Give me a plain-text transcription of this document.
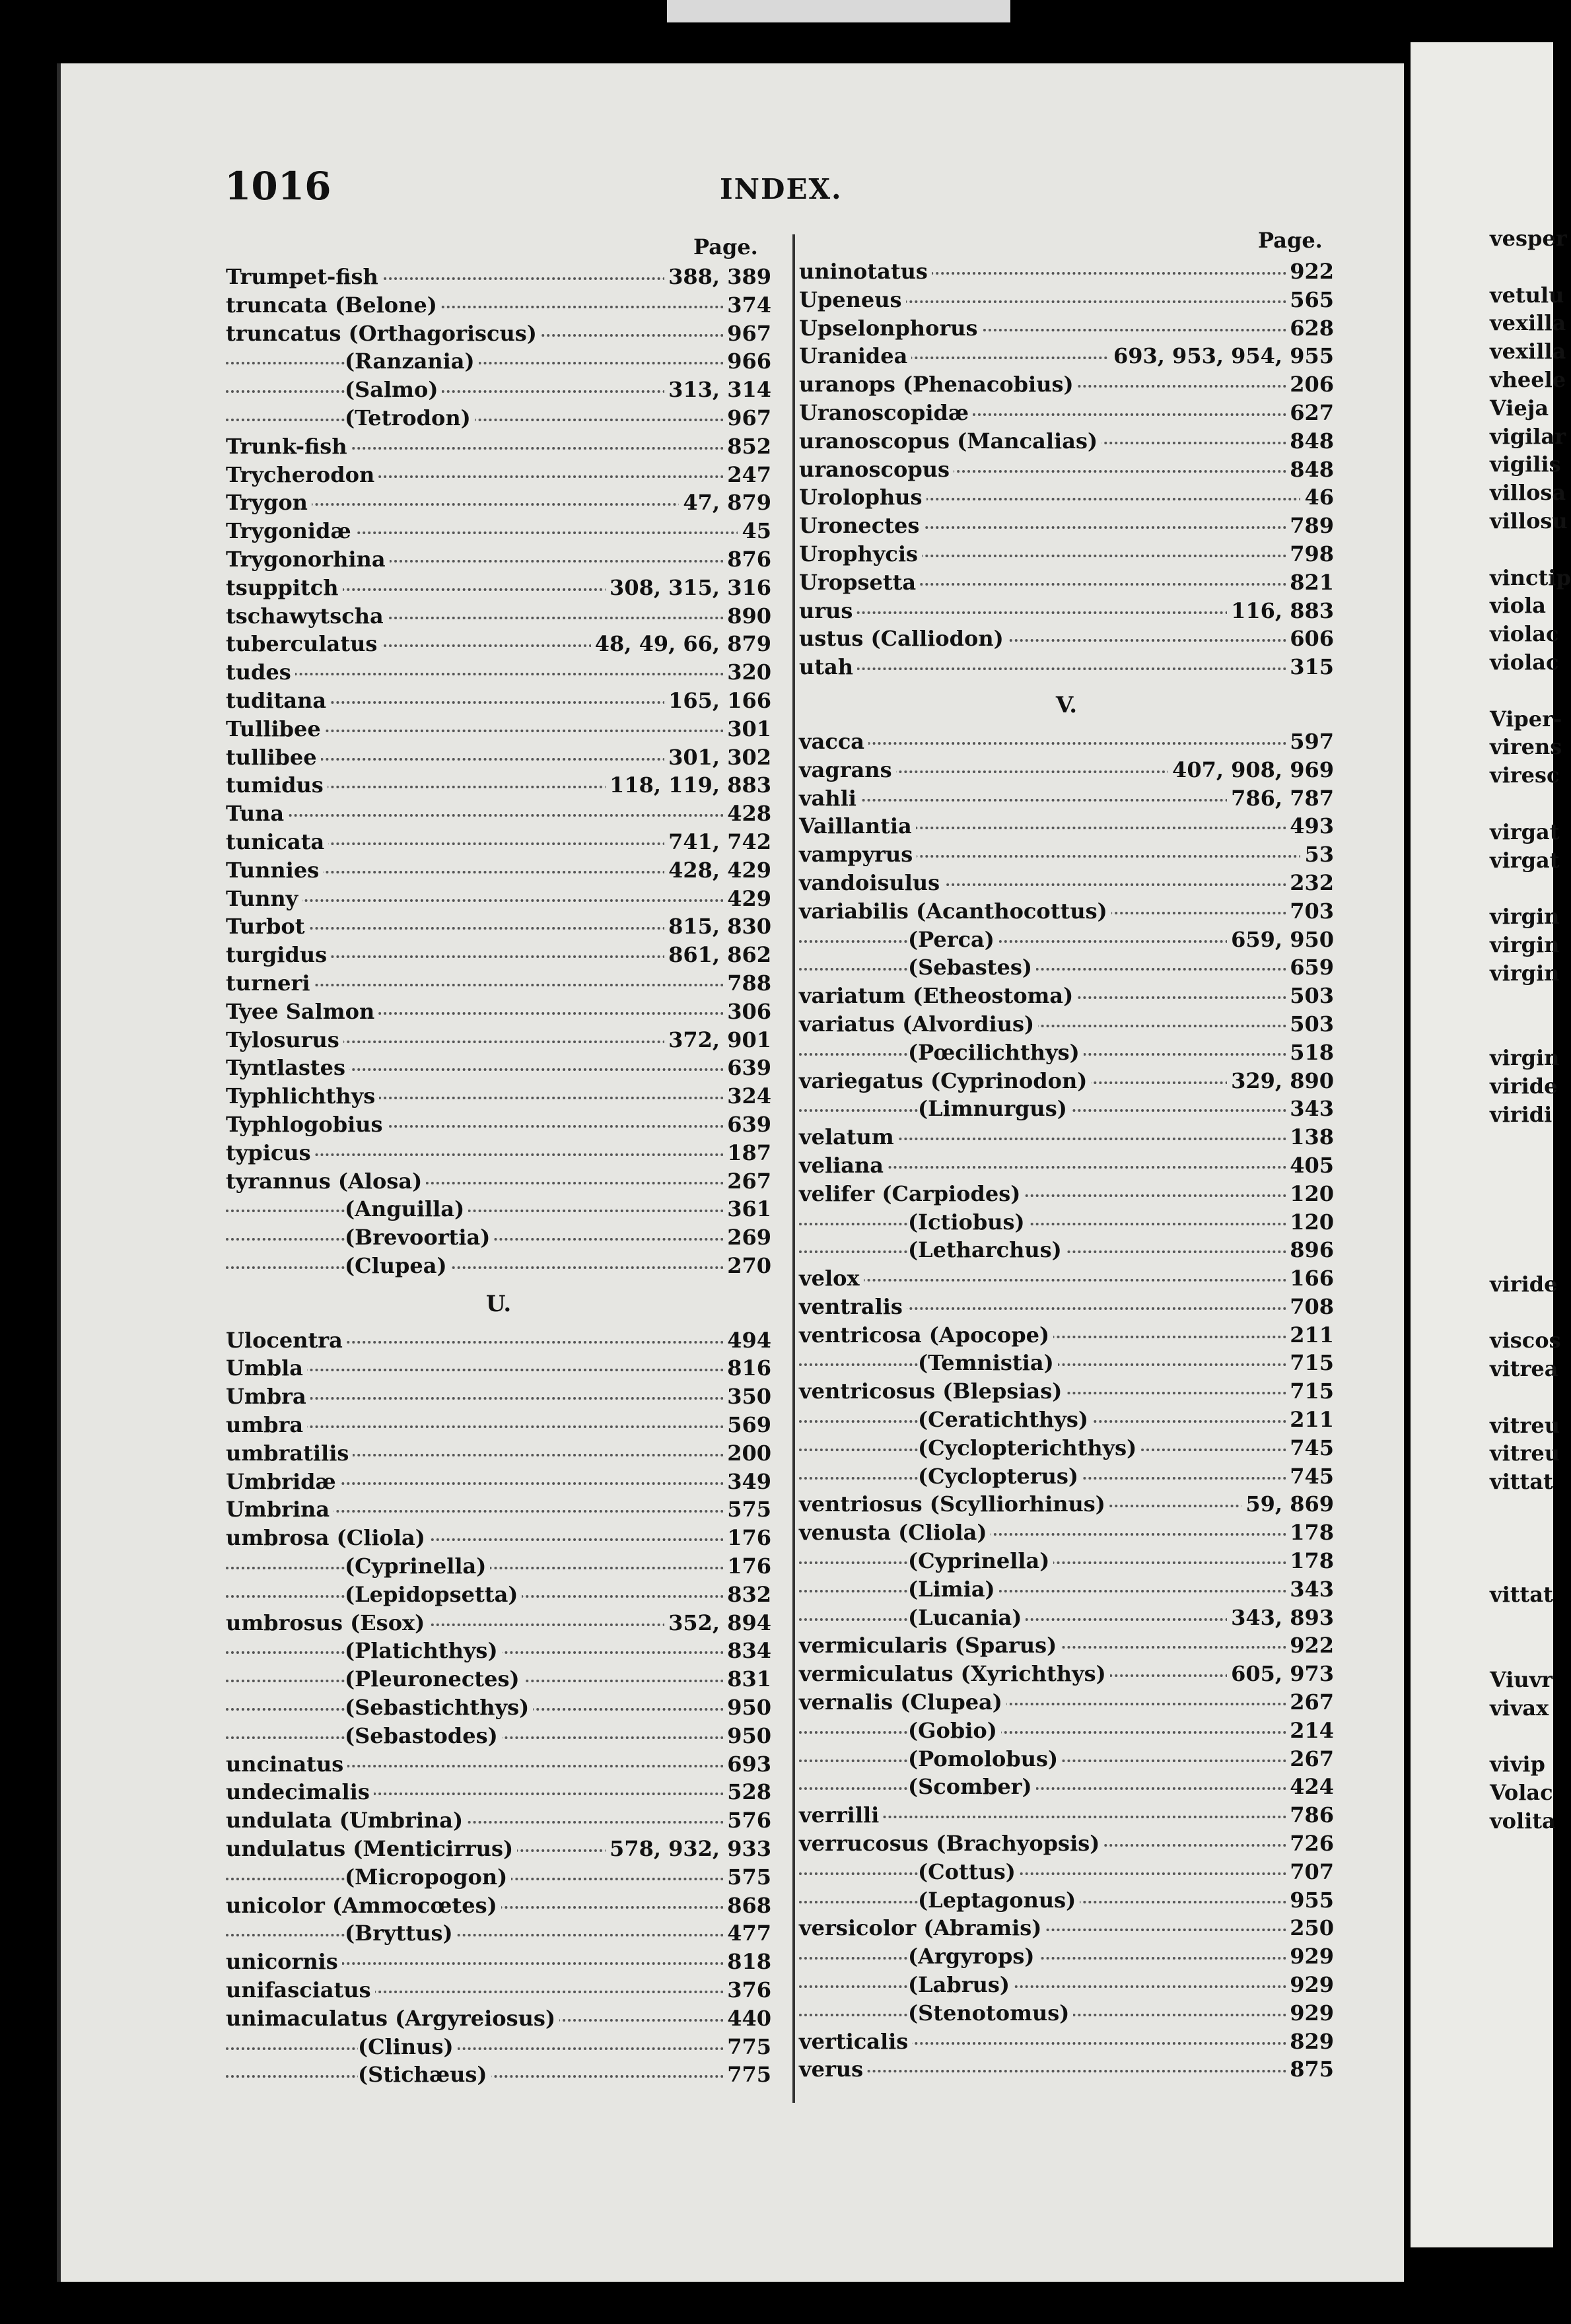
1016	INDEX.
Page.	Page.
Trumpet-fish	388, 389
truncata (Belone)	374
truncatus (Orthagoriscus)	967
(Ranzania)	966
(Salmo)	313, 314
(Tetrodon)	967
Trunk-fish	852
Trycherodon	247
Trygon	47, 879
Trygonidæ	45
Trygonorhina	876
tsuppitch	308, 315, 316
tschawytscha	890
tuberculatus	48, 49, 66, 879
tudes	320
tuditana	165, 166
Tullibee	301
tullibee	301, 302
tumidus	118, 119, 883
Tuna	428
tunicata	741, 742
Tunnies	428, 429
Tunny	429
Turbot	815, 830
turgidus	861, 862
turneri	788
Tyee Salmon	306
Tylosurus	372, 901
Tyntlastes	639
Typhlichthys	324
Typhlogobius	639
typicus	187
tyrannus (Alosa)	267
(Anguilla)	361
(Brevoortia)	269
(Clupea)	270
U.
Ulocentra	494
Umbla	816
Umbra	350
umbra	569
umbratilis	200
Umbridæ	349
Umbrina	575
umbrosa (Cliola)	176
(Cyprinella)	176
(Lepidopsetta)	832
umbrosus (Esox)	352, 894
(Platichthys)	834
(Pleuronectes)	831
(Sebastichthys)	950
(Sebastodes)	950
uncinatus	693
undecimalis	528
undulata (Umbrina)	576
undulatus (Menticirrus)	578, 932, 933
(Micropogon)	575
unicolor (Ammocœtes)	868
(Bryttus)	477
unicornis	818
unifasciatus	376
unimaculatus (Argyreiosus)	440
(Clinus)	775
(Stichæus)	775
uninotatus	922
Upeneus	565
Upselonphorus	628
Uranidea	693, 953, 954, 955
uranops (Phenacobius)	206
Uranoscopidæ	627
uranoscopus (Mancalias)	848
uranoscopus	848
Urolophus	46
Uronectes	789
Urophycis	798
Uropsetta	821
urus	116, 883
ustus (Calliodon)	606
utah	315
V.
vacca	597
vagrans	407, 908, 969
vahli	786, 787
Vaillantia	493
vampyrus	53
vandoisulus	232
variabilis (Acanthocottus)	703
(Perca)	659, 950
(Sebastes)	659
variatum (Etheostoma)	503
variatus (Alvordius)	503
(Pœcilichthys)	518
variegatus (Cyprinodon)	329, 890
(Limnurgus)	343
velatum	138
veliana	405
velifer (Carpiodes)	120
(Ictiobus)	120
(Letharchus)	896
velox	166
ventralis	708
ventricosa (Apocope)	211
(Temnistia)	715
ventricosus (Blepsias)	715
(Ceratichthys)	211
(Cyclopterichthys)	745
(Cyclopterus)	745
ventriosus (Scylliorhinus)	59, 869
venusta (Cliola)	178
(Cyprinella)	178
(Limia)	343
(Lucania)	343, 893
vermicularis (Sparus)	922
vermiculatus (Xyrichthys)	605, 973
vernalis (Clupea)	267
(Gobio)	214
(Pomolobus)	267
(Scomber)	424
verrilli	786
verrucosus (Brachyopsis)	726
(Cottus)	707
(Leptagonus)	955
versicolor (Abramis)	250
(Argyrops)	929
(Labrus)	929
(Stenotomus)	929
verticalis	829
verus	875
vesper
vetulu
vexilla
vexilla
vheele
Vieja
vigilar
vigilis
villosa
villosu
vinctip
viola
violac
violac
Viper-
virens
viresc
virgat
virgat
virgin
virgin
virgin
virgin
viride
viridi
viride
viscos
vitrea
vitreu
vitreu
vittat
vittat
Viuvr
vivax
vivip
Volac
volita
